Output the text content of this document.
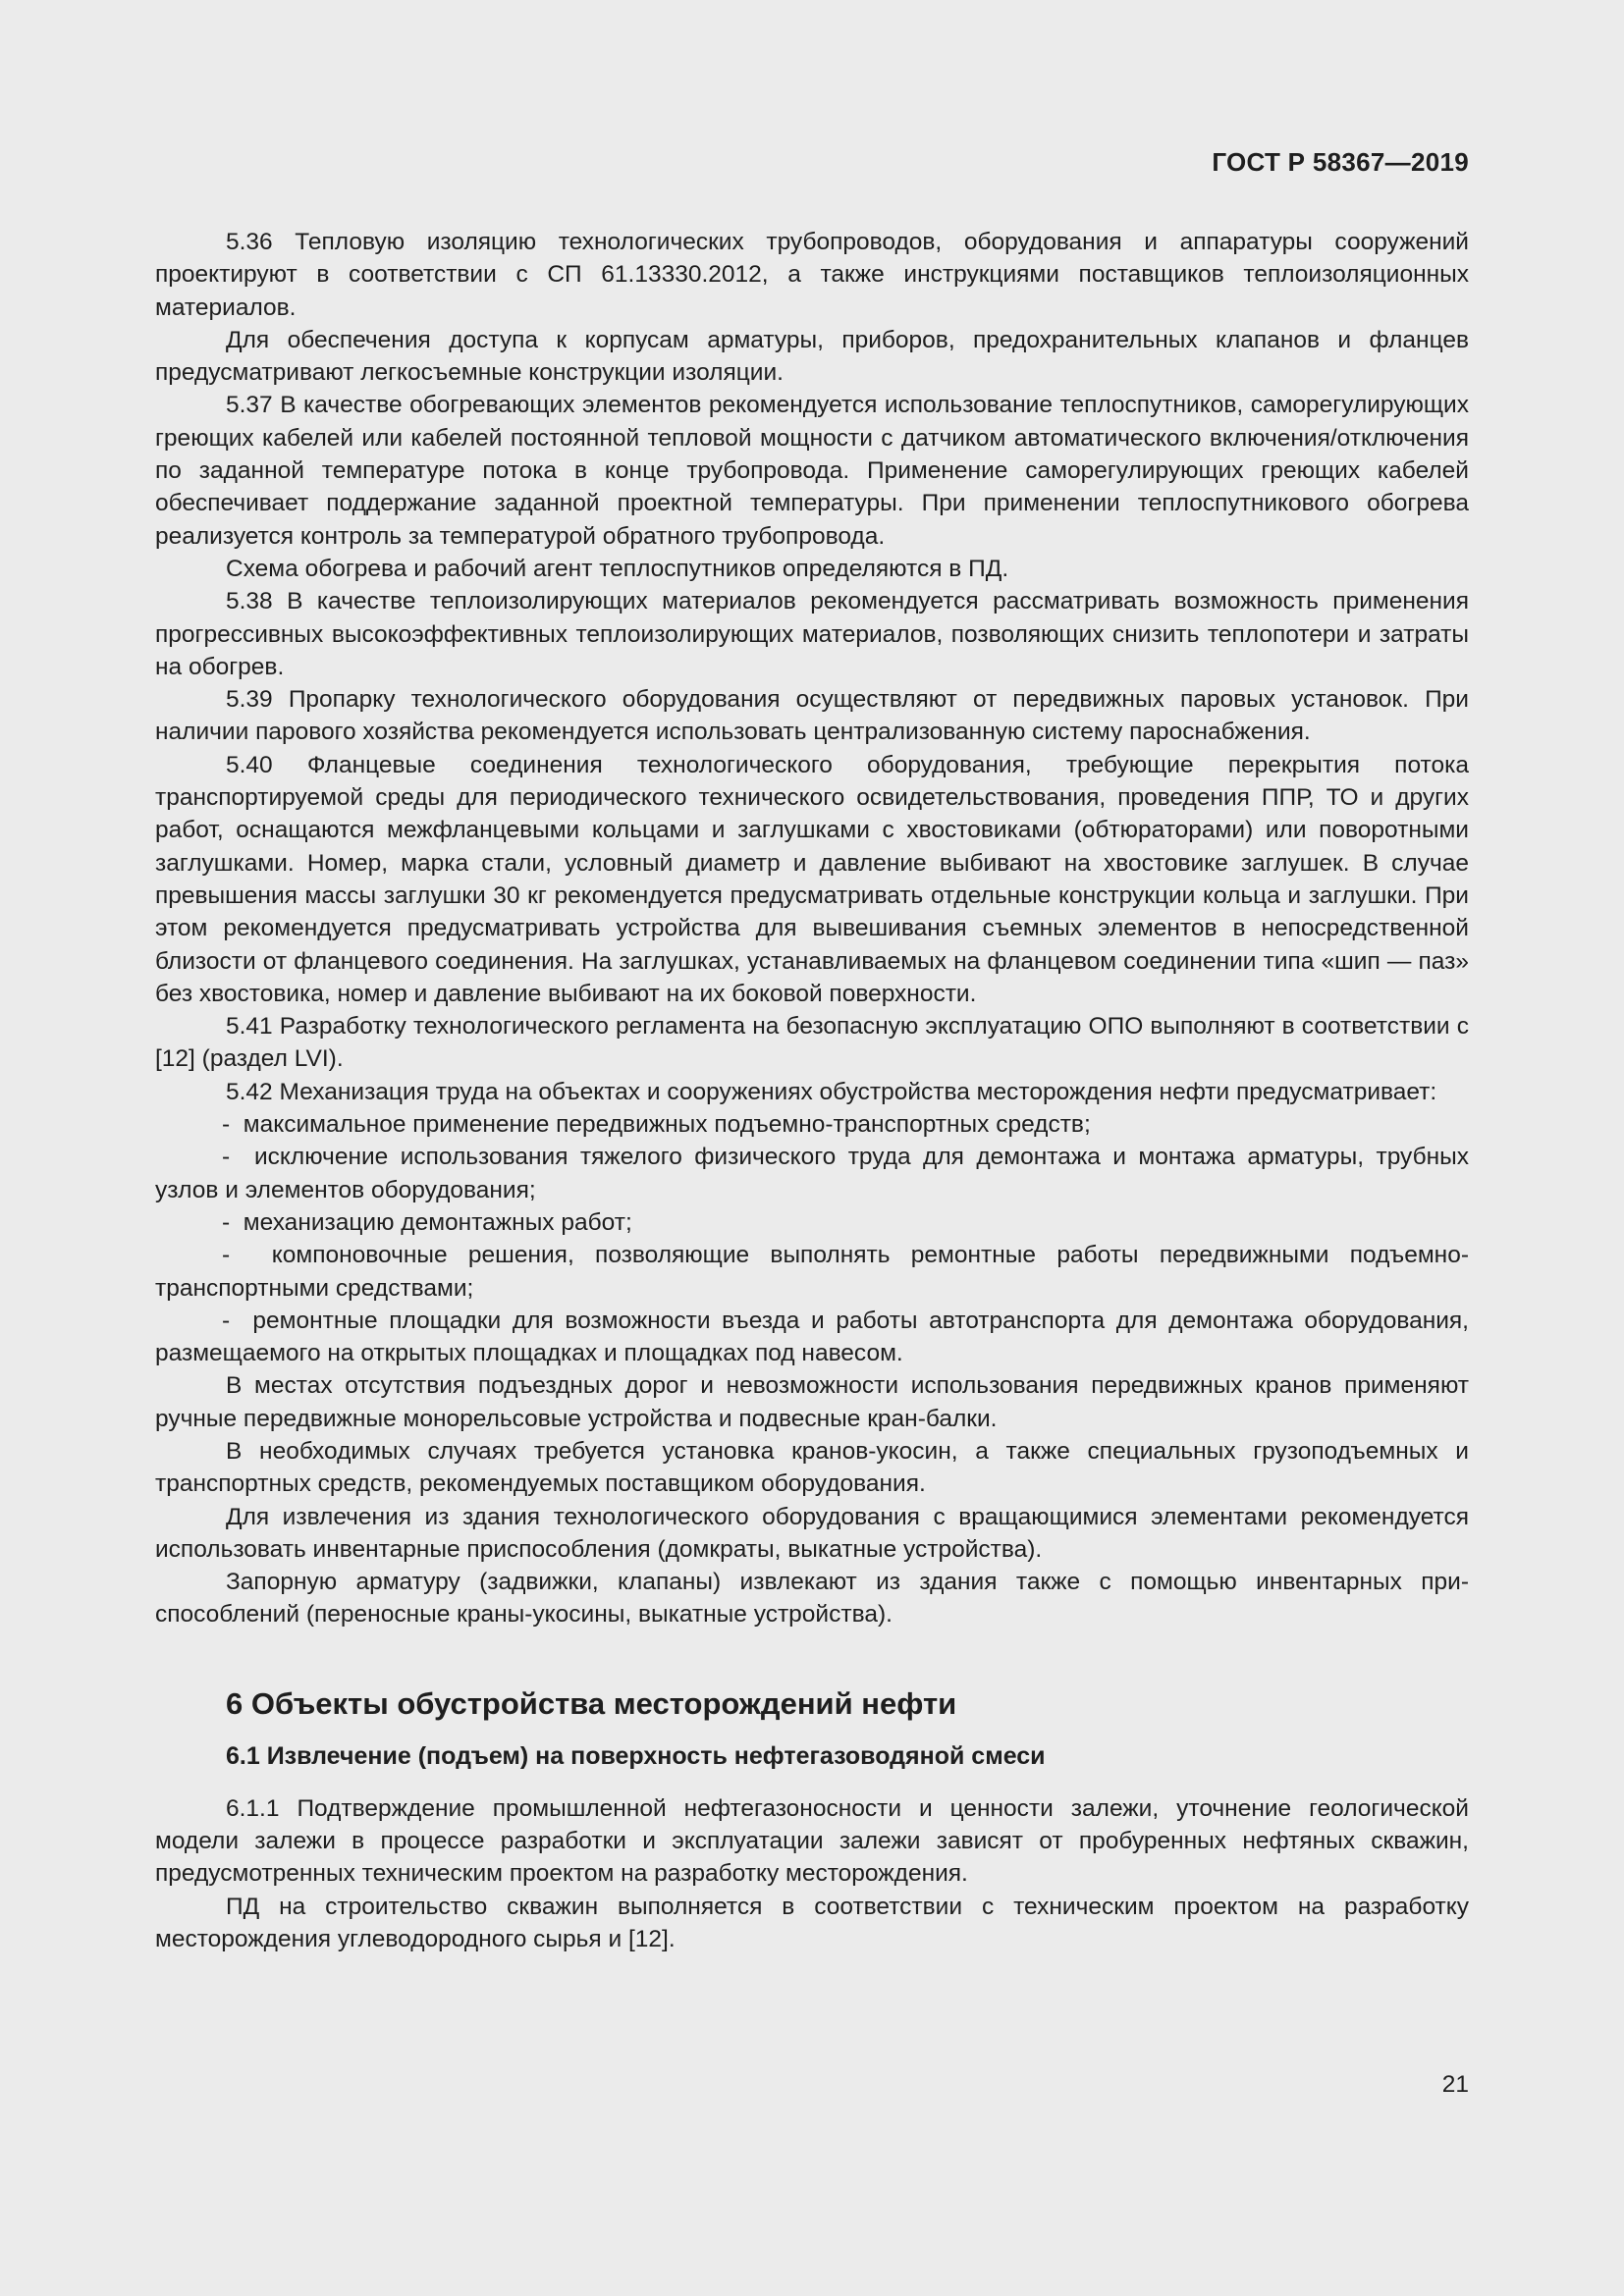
ГОСТ Р 58367—2019

5.36 Тепловую изоляцию технологических трубопроводов, оборудования и аппаратуры сооружений проектируют в соответствии с СП 61.13330.2012, а также инструкциями поставщиков теплоизоляционных материалов.

Для обеспечения доступа к корпусам арматуры, приборов, предохранительных клапанов и фланцев предусматривают легкосъемные конструкции изоляции.

5.37 В качестве обогревающих элементов рекомендуется использование теплоспутников, саморегулирующих греющих кабелей или кабелей постоянной тепловой мощности с датчиком автоматического включения/отключения по заданной температуре потока в конце трубопровода. Применение саморегулирующих греющих кабелей обеспечивает поддержание заданной проектной температуры. При применении теплоспутникового обогрева реализуется контроль за температурой обратного трубопровода.

Схема обогрева и рабочий агент теплоспутников определяются в ПД.

5.38 В качестве теплоизолирующих материалов рекомендуется рассматривать возможность применения прогрессивных высокоэффективных теплоизолирующих материалов, позволяющих снизить теплопотери и затраты на обогрев.

5.39 Пропарку технологического оборудования осуществляют от передвижных паровых установок. При наличии парового хозяйства рекомендуется использовать централизованную систему пароснабжения.

5.40 Фланцевые соединения технологического оборудования, требующие перекрытия потока транспортируемой среды для периодического технического освидетельствования, проведения ППР, ТО и других работ, оснащаются межфланцевыми кольцами и заглушками с хвостовиками (обтюраторами) или поворотными заглушками. Номер, марка стали, условный диаметр и давление выбивают на хвостовике заглушек. В случае превышения массы заглушки 30 кг рекомендуется предусматривать отдельные конструкции кольца и заглушки. При этом рекомендуется предусматривать устройства для вывешивания съемных элементов в непосредственной близости от фланцевого соединения. На заглушках, устанавливаемых на фланцевом соединении типа «шип — паз» без хвостовика, номер и давление выбивают на их боковой поверхности.

5.41 Разработку технологического регламента на безопасную эксплуатацию ОПО выполняют в соответствии с [12] (раздел LVI).

5.42 Механизация труда на объектах и сооружениях обустройства месторождения нефти предусматривает:

-  максимальное применение передвижных подъемно-транспортных средств;

-  исключение использования тяжелого физического труда для демонтажа и монтажа арматуры, трубных узлов и элементов оборудования;

-  механизацию демонтажных работ;

-  компоновочные решения, позволяющие выполнять ремонтные работы передвижными подъемно-транспортными средствами;

-  ремонтные площадки для возможности въезда и работы автотранспорта для демонтажа оборудования, размещаемого на открытых площадках и площадках под навесом.

В местах отсутствия подъездных дорог и невозможности использования передвижных кранов применяют ручные передвижные монорельсовые устройства и подвесные кран-балки.

В необходимых случаях требуется установка кранов-укосин, а также специальных грузоподъемных и транспортных средств, рекомендуемых поставщиком оборудования.

Для извлечения из здания технологического оборудования с вращающимися элементами рекомендуется использовать инвентарные приспособления (домкраты, выкатные устройства).

Запорную арматуру (задвижки, клапаны) извлекают из здания также с помощью инвентарных приспособлений (переносные краны-укосины, выкатные устройства).

6 Объекты обустройства месторождений нефти
6.1 Извлечение (подъем) на поверхность нефтегазоводяной смеси

6.1.1 Подтверждение промышленной нефтегазоносности и ценности залежи, уточнение геологической модели залежи в процессе разработки и эксплуатации залежи зависят от пробуренных нефтяных скважин, предусмотренных техническим проектом на разработку месторождения.

ПД на строительство скважин выполняется в соответствии с техническим проектом на разработку месторождения углеводородного сырья и [12].

21
